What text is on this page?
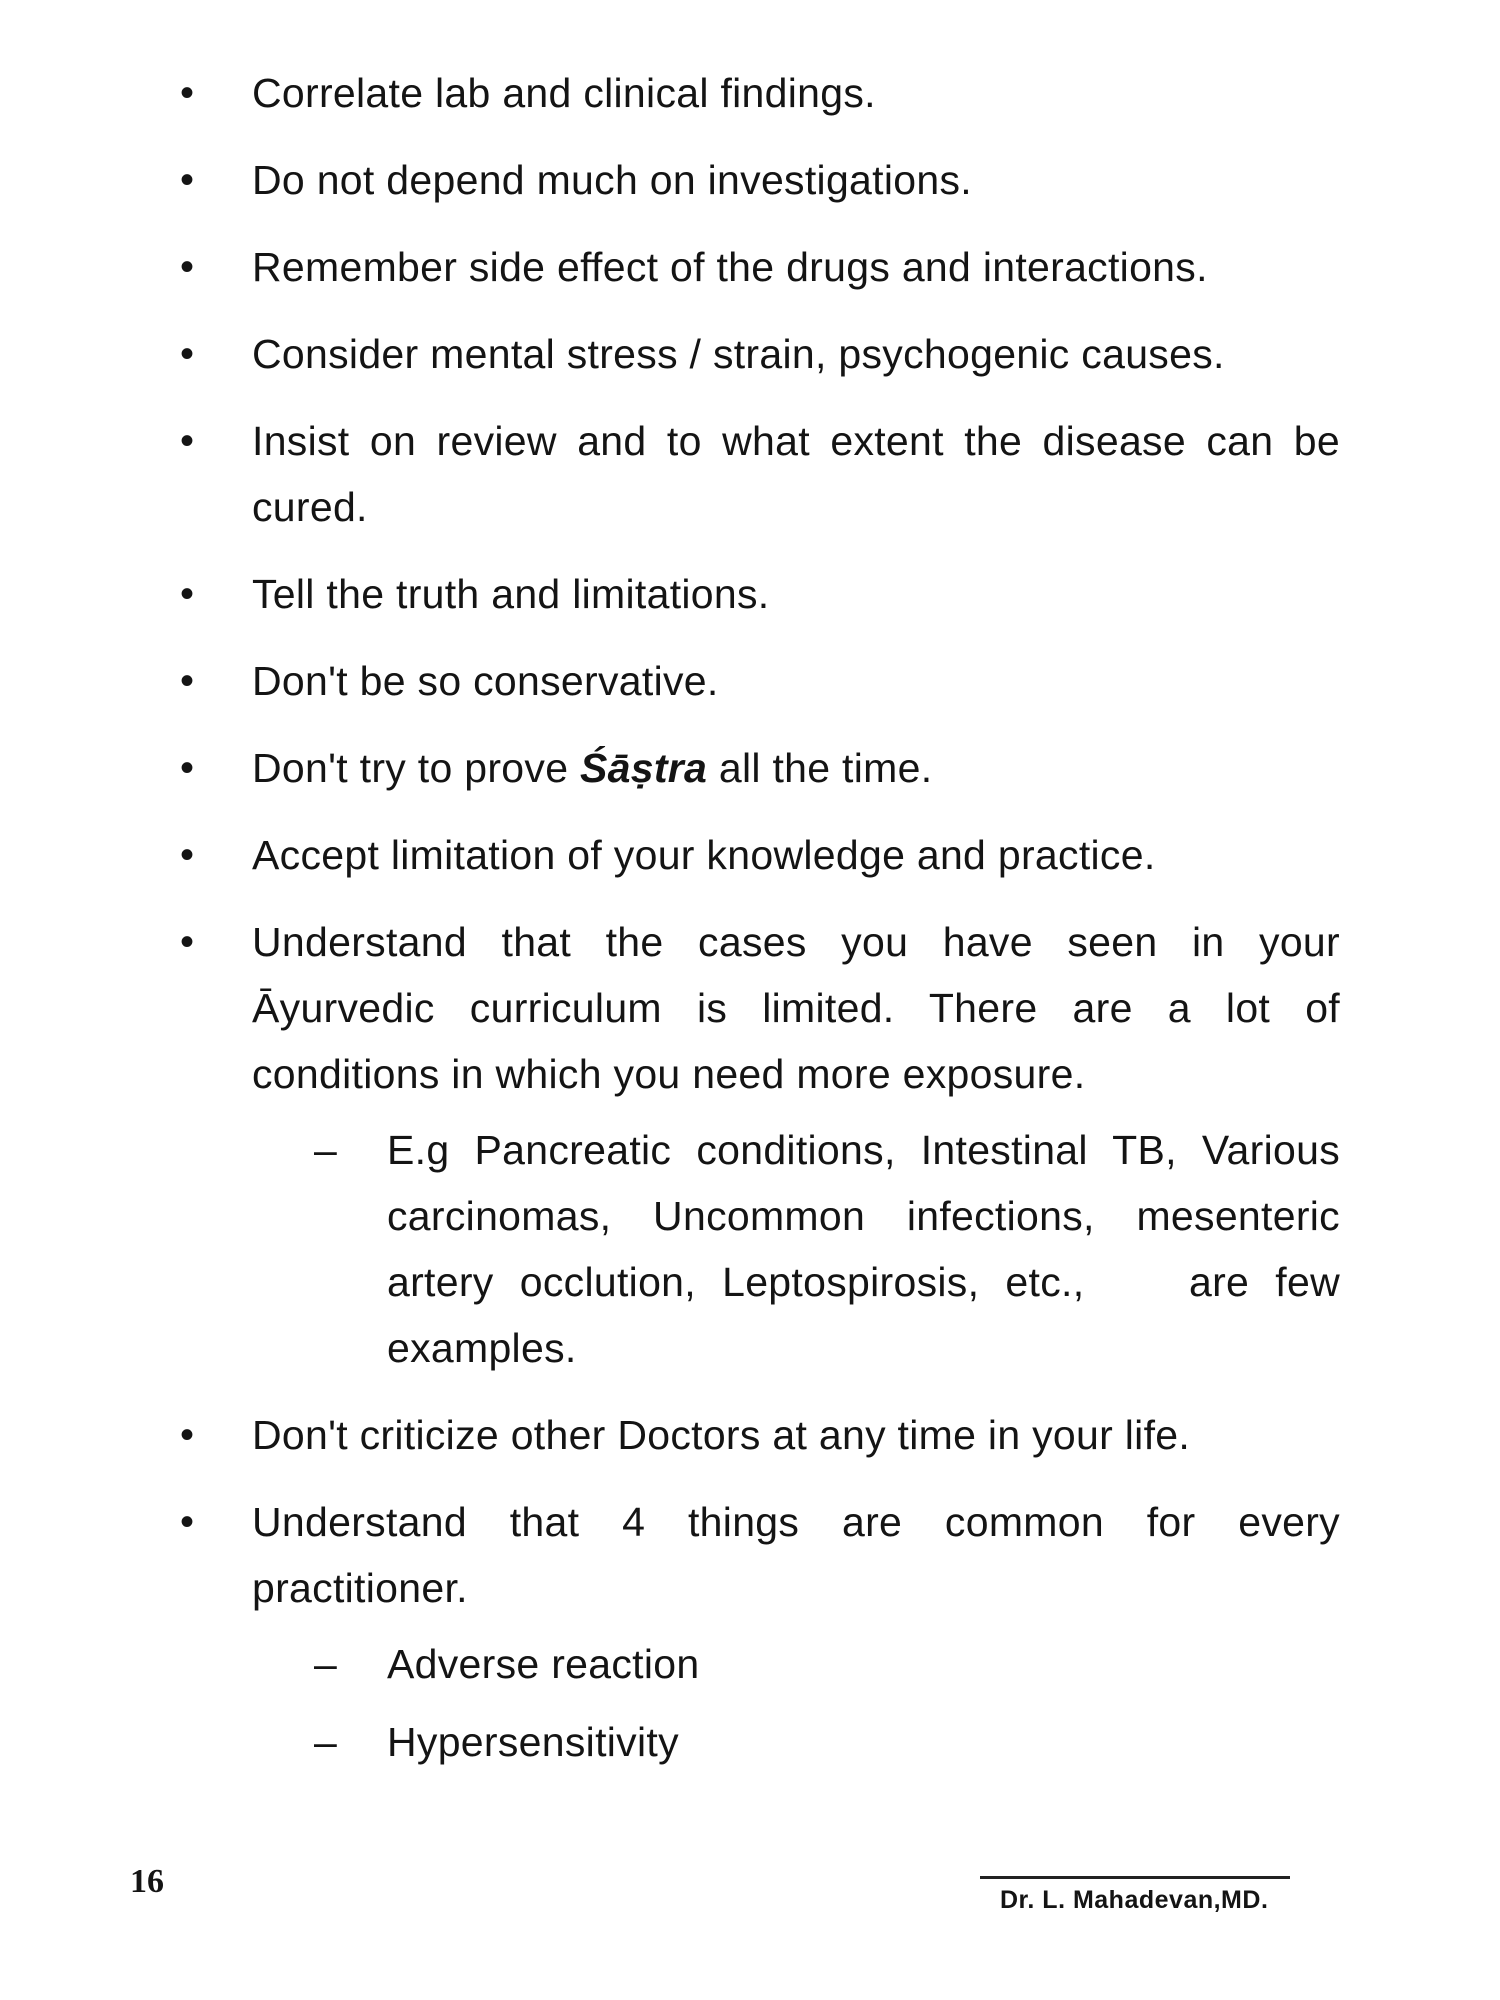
•	Correlate lab and clinical findings.
•	Do not depend much on investigations.
•	Remember side effect of the drugs and interactions.
•	Consider mental stress / strain, psychogenic causes.
•	Insist on review and to what extent the disease can be cured.
•	Tell the truth and limitations.
•	Don't be so conservative.
•	Don't try to prove Śāṣtra all the time.
•	Accept limitation of your knowledge and practice.
•	Understand that the cases you have seen in your Āyurvedic curriculum is limited. There are a lot of conditions in which you need more exposure.
– E.g Pancreatic conditions, Intestinal TB, Various carcinomas, Uncommon infections, mesenteric artery occlution, Leptospirosis, etc.,    are few examples.
•	Don't criticize other Doctors at any time in your life.
•	Understand that 4 things are common for every practitioner.
– Adverse reaction
– Hypersensitivity
16	Dr. L. Mahadevan,MD.
